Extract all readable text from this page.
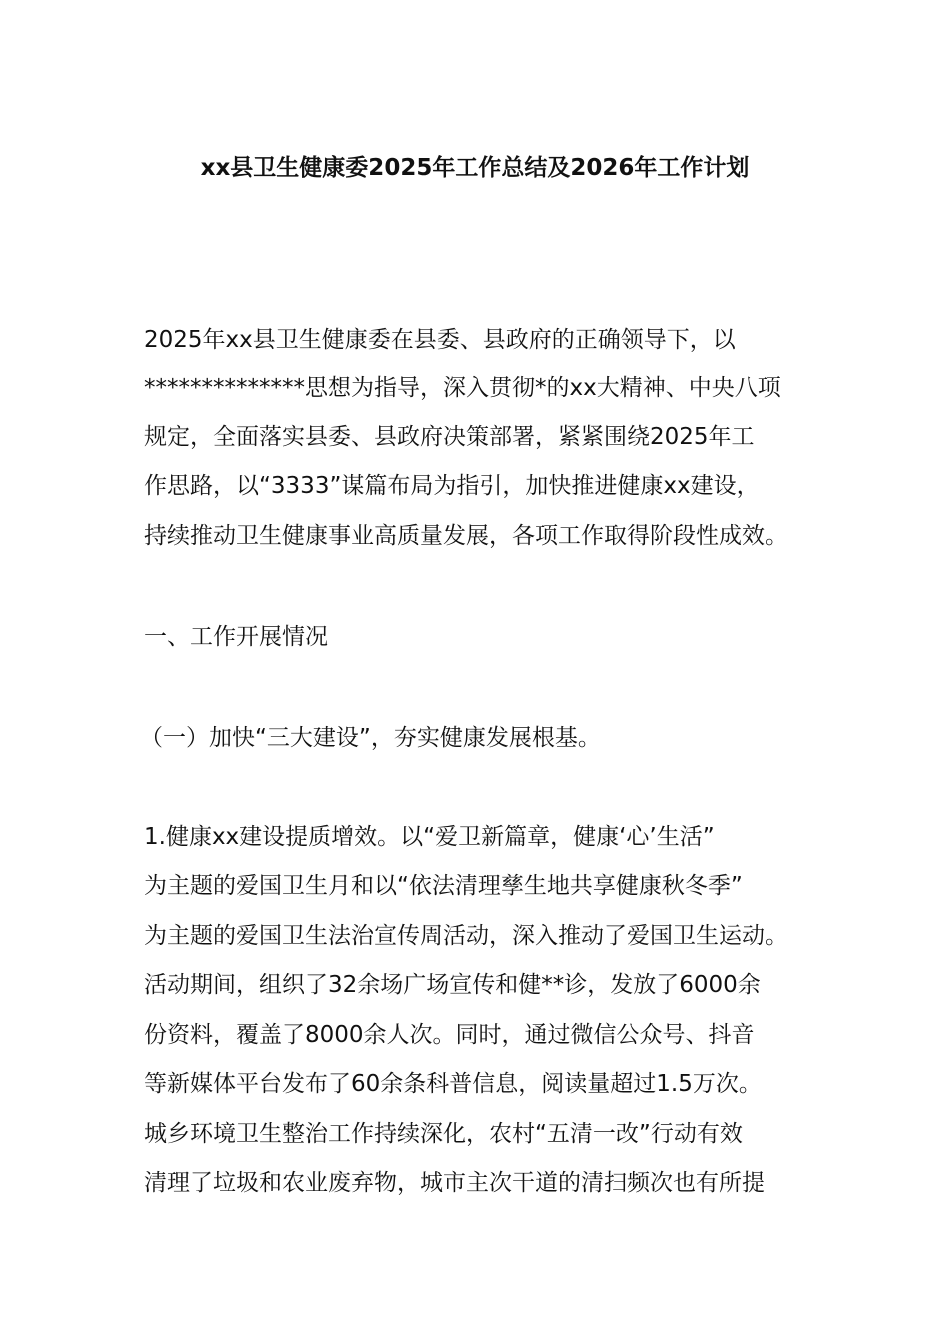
xx县卫生健康委2025年工作总结及2026年工作计划
2025年xx县卫生健康委在县委、县政府的正确领导下，以
**************思想为指导，深入贯彻*的xx大精神、中央八项
规定，全面落实县委、县政府决策部署，紧紧围绕2025年工
作思路，以“3333”谋篇布局为指引，加快推进健康xx建设，
持续推动卫生健康事业高质量发展，各项工作取得阶段性成效。
一、工作开展情况
（一）加快“三大建设”，夯实健康发展根基。
1.健康xx建设提质增效。以“爱卫新篇章，健康‘心’生活”
为主题的爱国卫生月和以“依法清理孳生地共享健康秋冬季”
为主题的爱国卫生法治宣传周活动，深入推动了爱国卫生运动。
活动期间，组织了32余场广场宣传和健**诊，发放了6000余
份资料，覆盖了8000余人次。同时，通过微信公众号、抖音
等新媒体平台发布了60余条科普信息，阅读量超过1.5万次。
城乡环境卫生整治工作持续深化，农村“五清一改”行动有效
清理了垃圾和农业废弃物，城市主次干道的清扫频次也有所提
